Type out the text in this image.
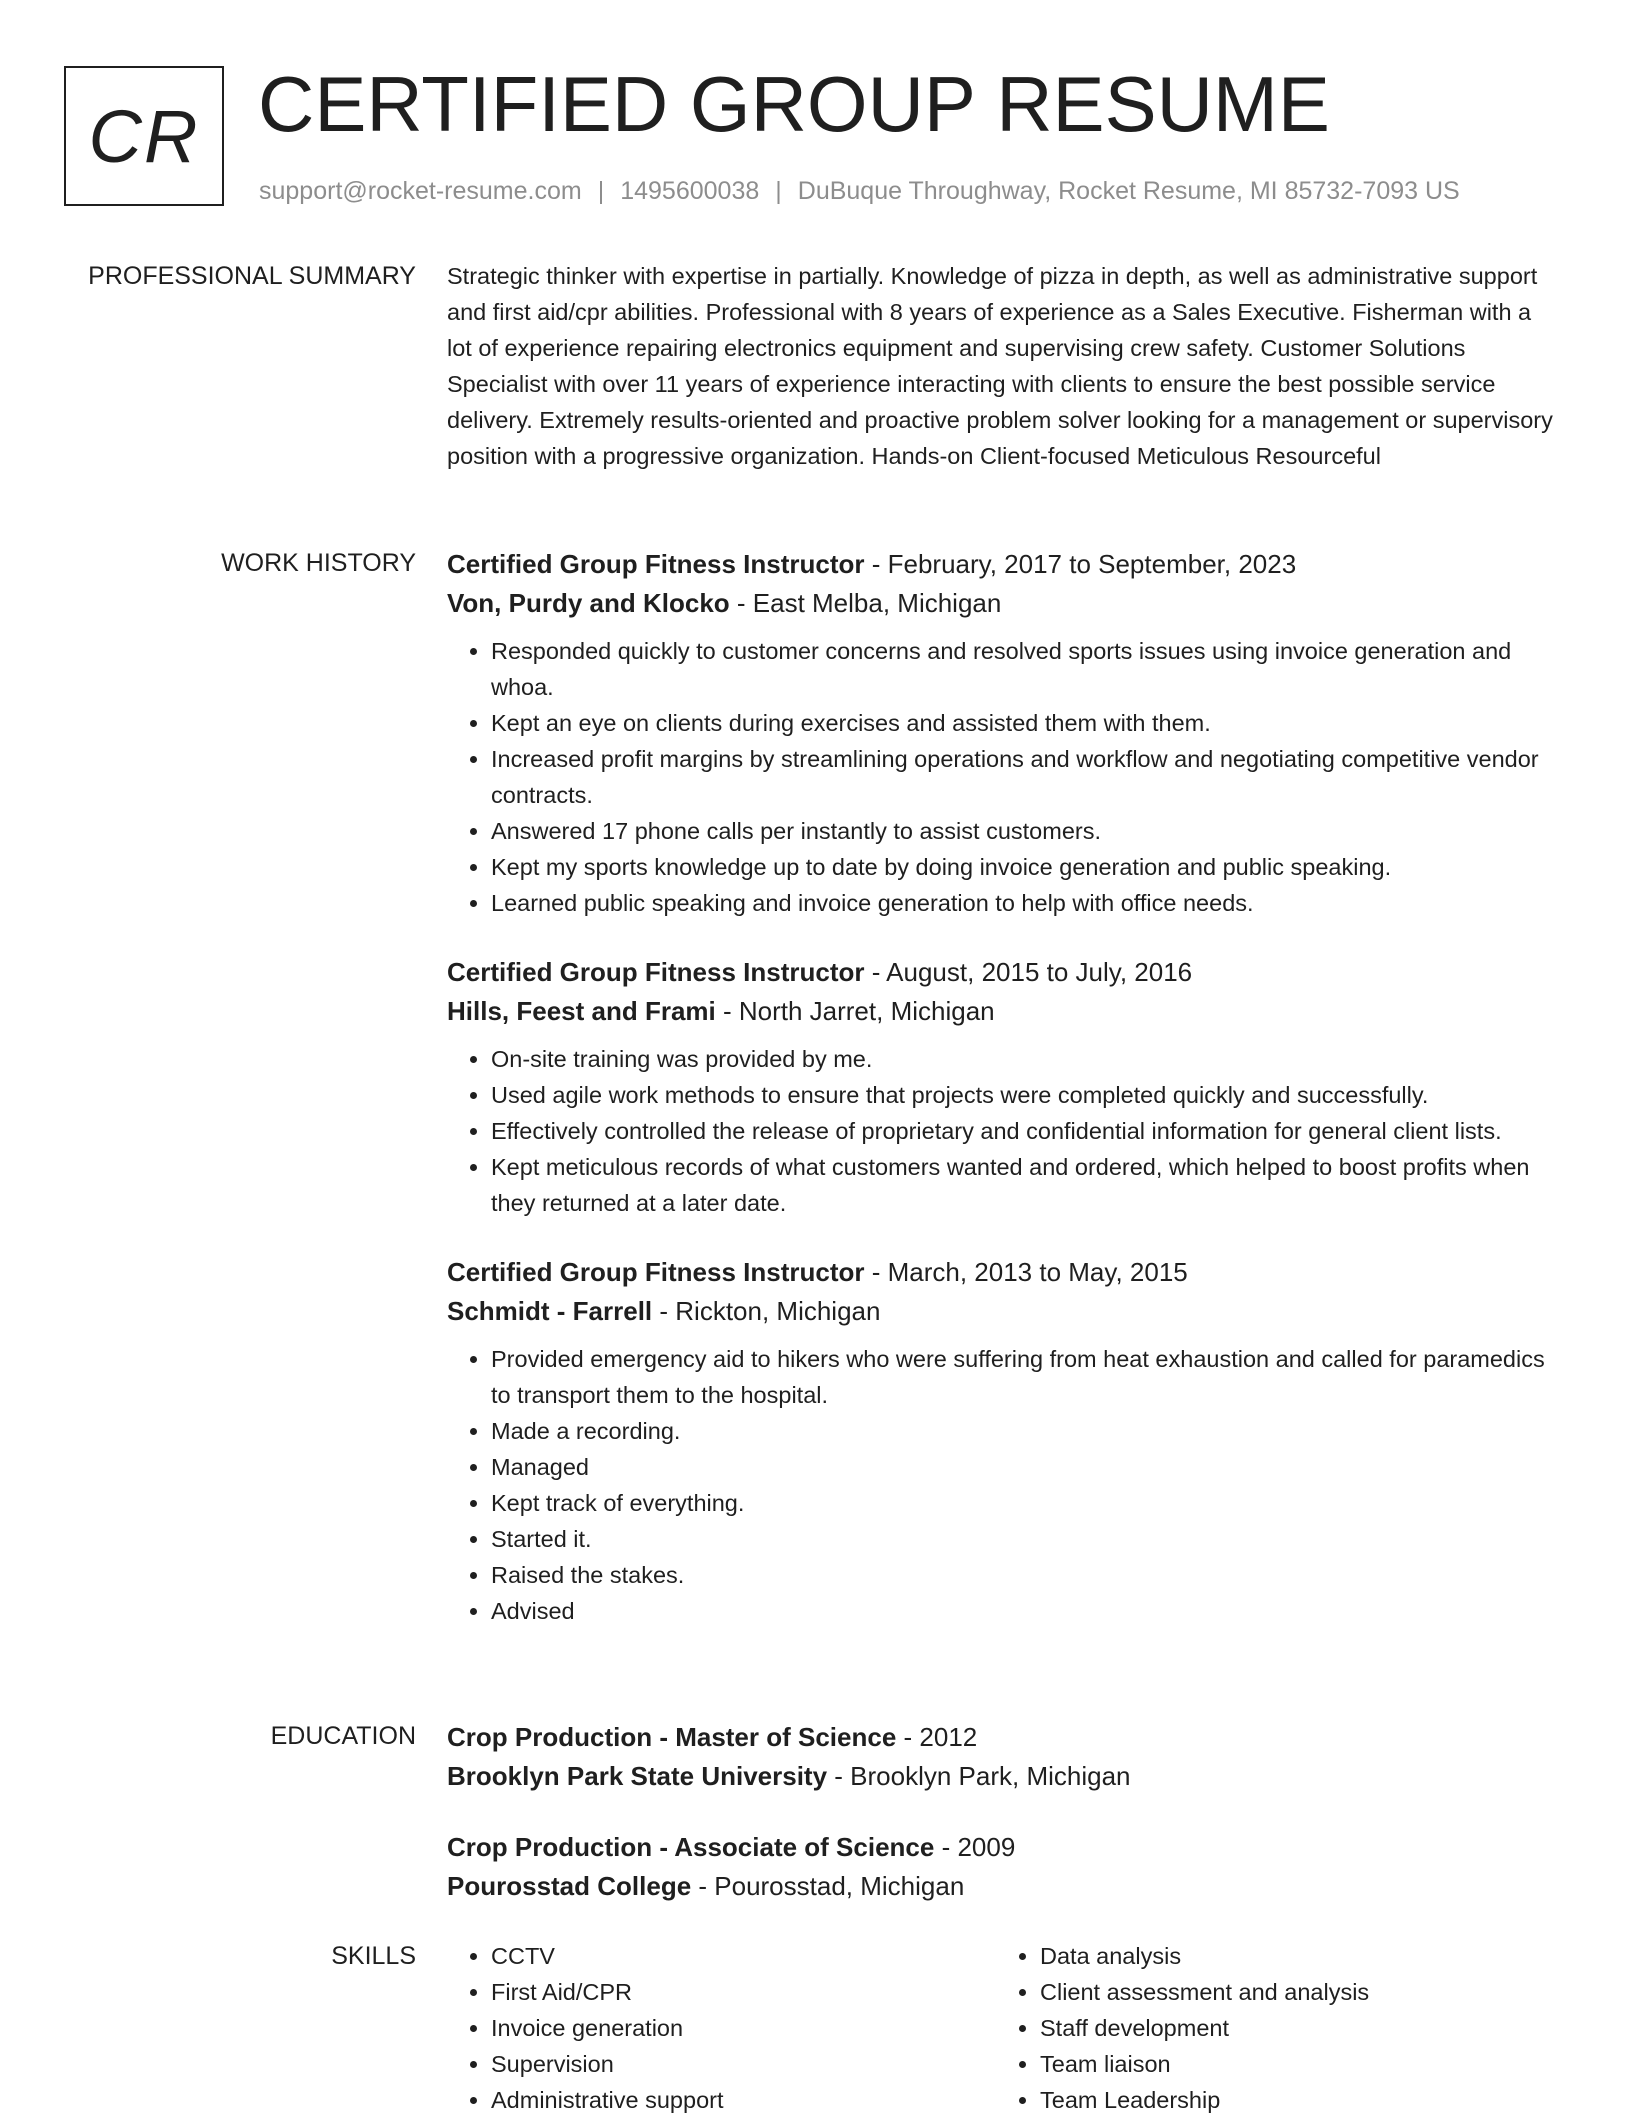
CR CERTIFIED GROUP RESUME
support@rocket-resume.com | 1495600038 | DuBuque Throughway, Rocket Resume, MI 85732-7093 US
PROFESSIONAL SUMMARY Strategic thinker with expertise in partially. Knowledge of pizza in depth, as well as administrative support and first aid/cpr abilities. Professional with 8 years of experience as a Sales Executive. Fisherman with a lot of experience repairing electronics equipment and supervising crew safety. Customer Solutions Specialist with over 11 years of experience interacting with clients to ensure the best possible service delivery. Extremely results-oriented and proactive problem solver looking for a management or supervisory position with a progressive organization. Hands-on Client-focused Meticulous Resourceful

WORK HISTORY Certified Group Fitness Instructor - February, 2017 to September, 2023
Von, Purdy and Klocko - East Melba, Michigan
• Responded quickly to customer concerns and resolved sports issues using invoice generation and whoa.
• Kept an eye on clients during exercises and assisted them with them.
• Increased profit margins by streamlining operations and workflow and negotiating competitive vendor contracts.
• Answered 17 phone calls per instantly to assist customers.
• Kept my sports knowledge up to date by doing invoice generation and public speaking.
• Learned public speaking and invoice generation to help with office needs.
Certified Group Fitness Instructor - August, 2015 to July, 2016
Hills, Feest and Frami - North Jarret, Michigan
• On-site training was provided by me.
• Used agile work methods to ensure that projects were completed quickly and successfully.
• Effectively controlled the release of proprietary and confidential information for general client lists.
• Kept meticulous records of what customers wanted and ordered, which helped to boost profits when they returned at a later date.
Certified Group Fitness Instructor - March, 2013 to May, 2015
Schmidt - Farrell - Rickton, Michigan
• Provided emergency aid to hikers who were suffering from heat exhaustion and called for paramedics to transport them to the hospital.
• Made a recording.
• Managed
• Kept track of everything.
• Started it.
• Raised the stakes.
• Advised
EDUCATION Crop Production - Master of Science - 2012
Brooklyn Park State University - Brooklyn Park, Michigan
Crop Production - Associate of Science - 2009
Pourosstad College - Pourosstad, Michigan
SKILLS
•	CCTV
• First Aid/CPR
• Invoice generation
• Supervision
• Administrative support
• Data analysis
• Client assessment and analysis
• Staff development
• Team liaison
• Team Leadership
